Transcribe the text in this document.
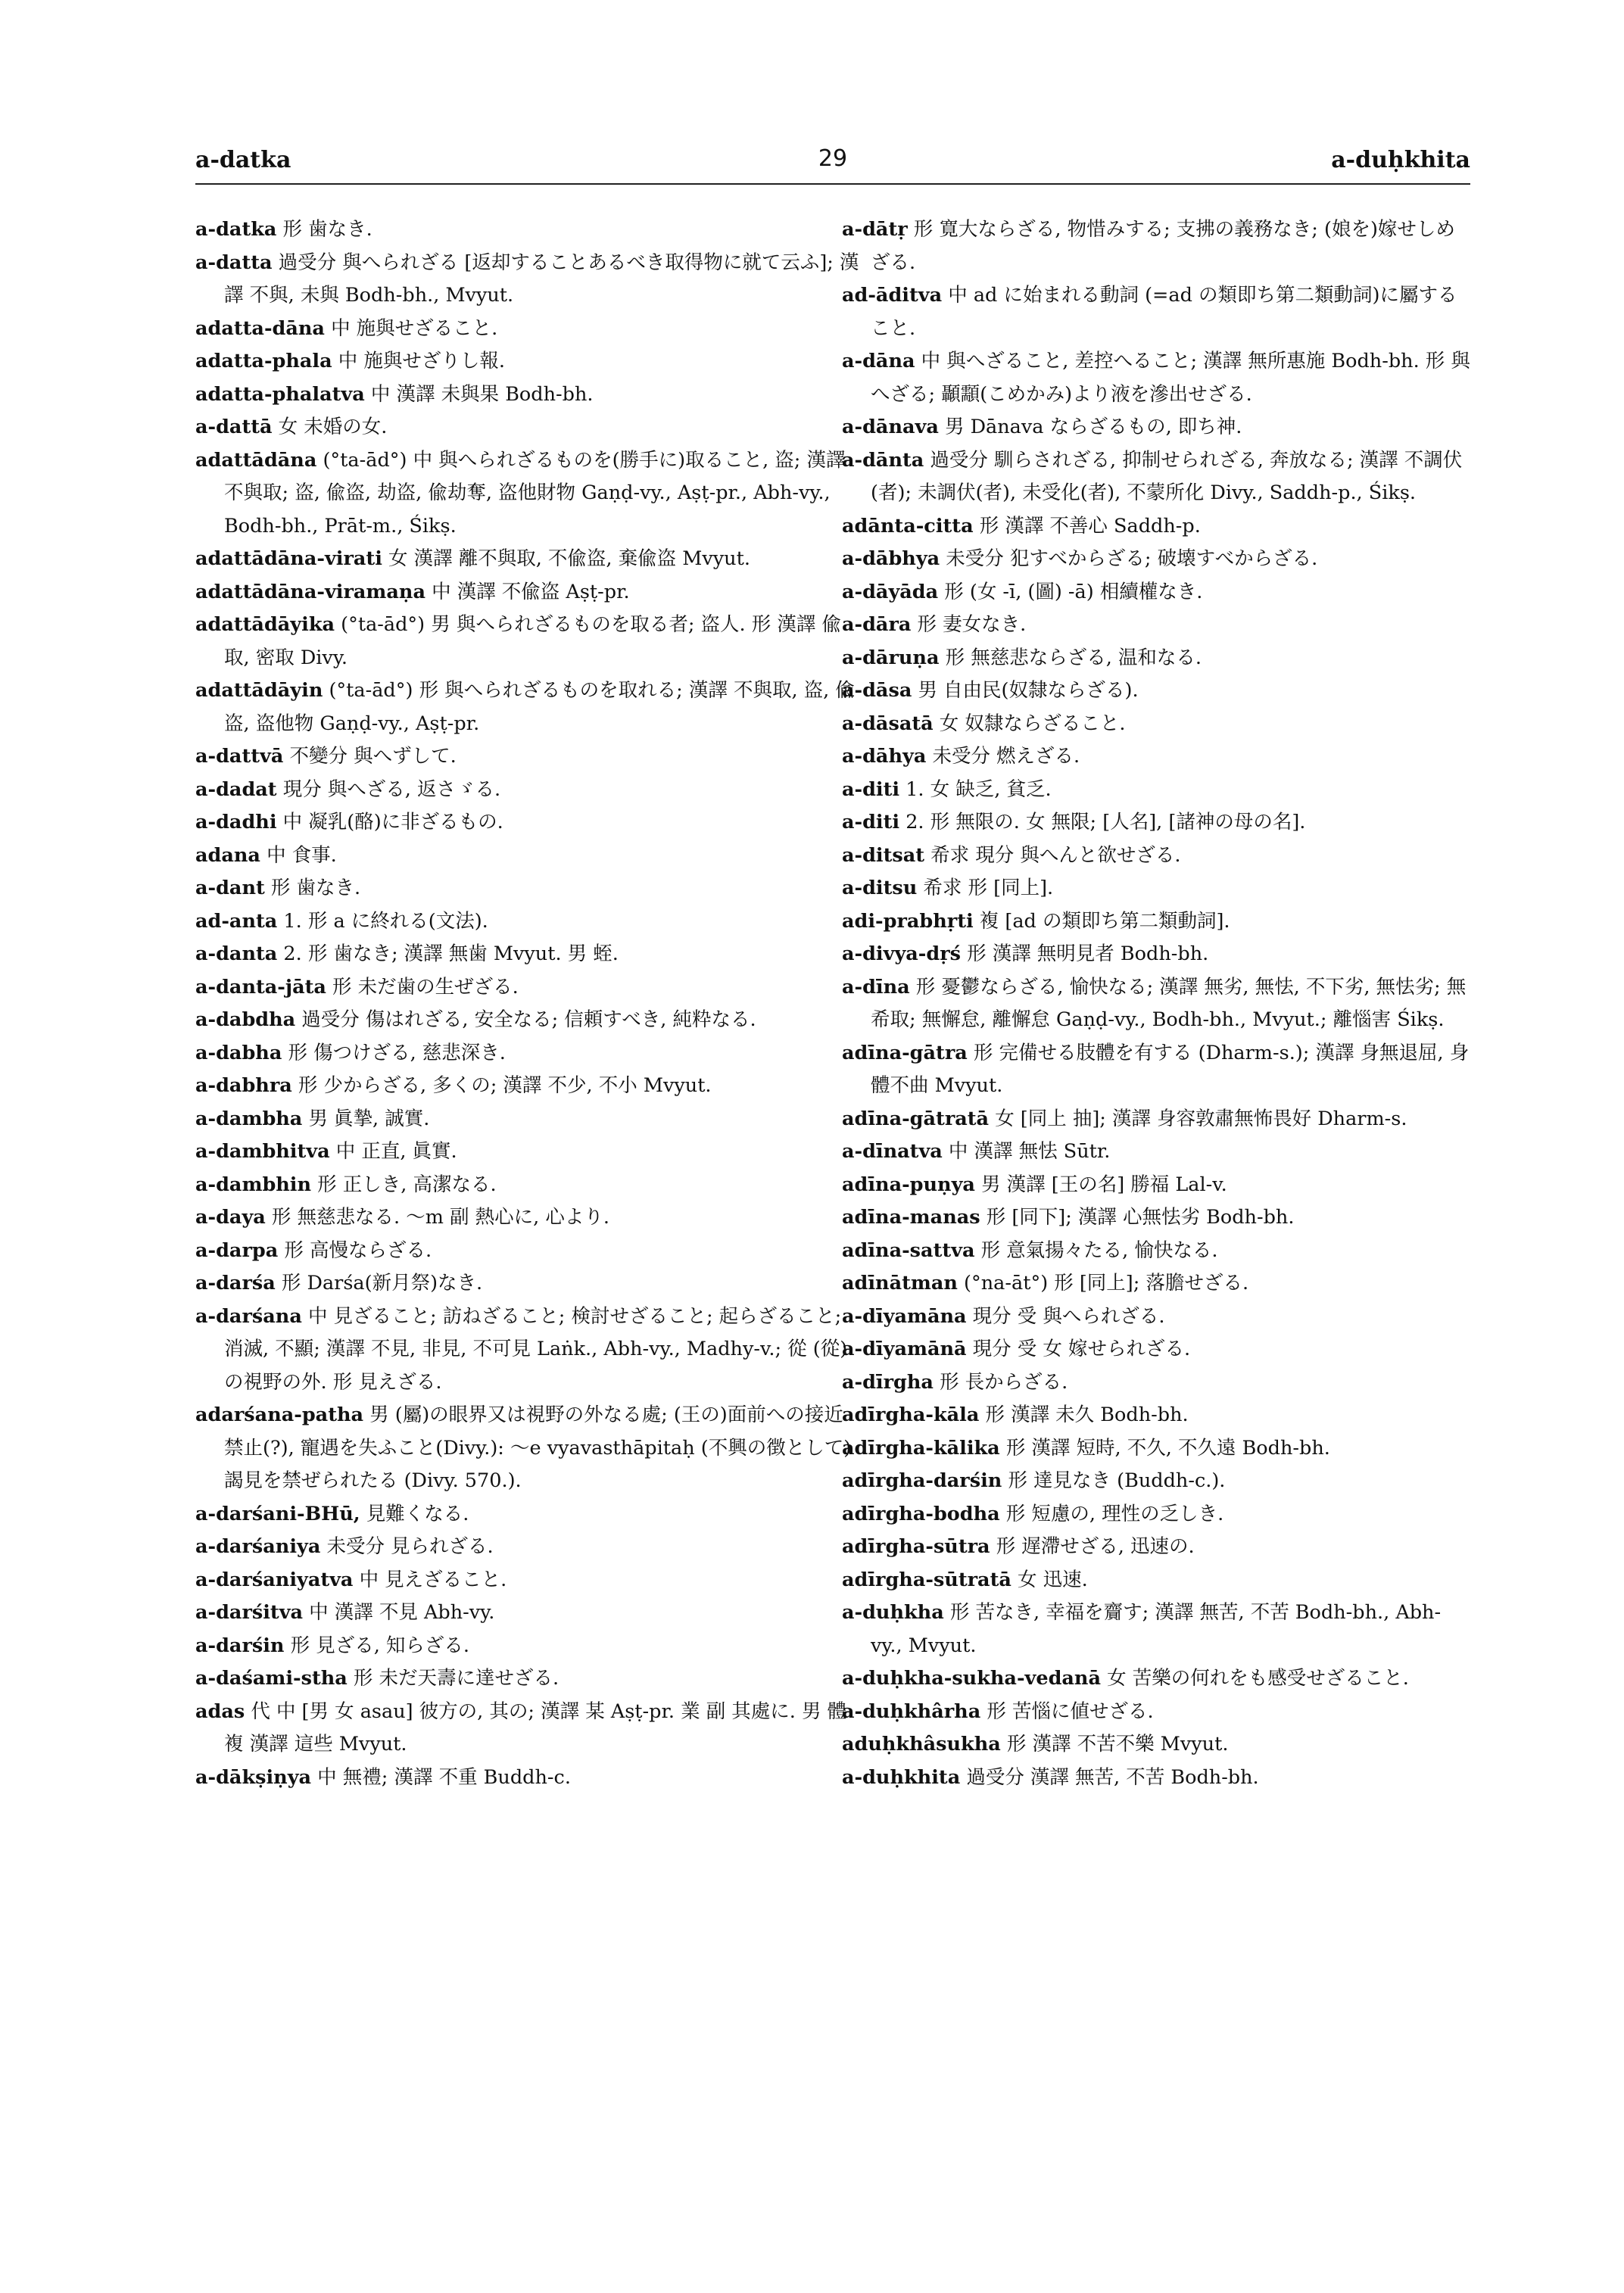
a-datka	29	a-duḥkhita

a-datka 形 歯なき.

a-datta 過受分 與へられざる [返却することあるべき取得物に就て云ふ]; 漢譯 不與, 未與 Bodh-bh., Mvyut.

adatta-dāna 中 施與せざること.

adatta-phala 中 施與せざりし報.

adatta-phalatva 中 漢譯 未與果 Bodh-bh.

a-dattā 女 未婚の女.

adattādāna (°ta-ād°) 中 與へられざるものを(勝手に)取ること, 盗; 漢譯 不與取; 盗, 偸盗, 劫盗, 偸劫奪, 盗他財物 Gaṇḍ-vy., Aṣṭ-pr., Abh-vy., Bodh-bh., Prāt-m., Śikṣ.

adattādāna-virati 女 漢譯 離不與取, 不偸盗, 棄偸盗 Mvyut.

adattādāna-viramaṇa 中 漢譯 不偸盗 Aṣṭ-pr.

adattādāyika (°ta-ād°) 男 與へられざるものを取る者; 盗人. 形 漢譯 偸取, 密取 Divy.

adattādāyin (°ta-ād°) 形 與へられざるものを取れる; 漢譯 不與取, 盗, 偸盗, 盗他物 Gaṇḍ-vy., Aṣṭ-pr.

a-dattvā 不變分 與へずして.

a-dadat 現分 與へざる, 返さゞる.

a-dadhi 中 凝乳(酪)に非ざるもの.

adana 中 食事.

a-dant 形 歯なき.

ad-anta 1. 形 a に終れる(文法).

a-danta 2. 形 歯なき; 漢譯 無歯 Mvyut. 男 蛭.

a-danta-jāta 形 未だ歯の生ぜざる.

a-dabdha 過受分 傷はれざる, 安全なる; 信頼すべき, 純粋なる.

a-dabha 形 傷つけざる, 慈悲深き.

a-dabhra 形 少からざる, 多くの; 漢譯 不少, 不小 Mvyut.

a-dambha 男 眞摯, 誠實.

a-dambhitva 中 正直, 眞實.

a-dambhin 形 正しき, 高潔なる.

a-daya 形 無慈悲なる. ～m 副 熱心に, 心より.

a-darpa 形 高慢ならざる.

a-darśa 形 Darśa(新月祭)なき.

a-darśana 中 見ざること; 訪ねざること; 検討せざること; 起らざること; 消滅, 不顯; 漢譯 不見, 非見, 不可見 Laṅk., Abh-vy., Madhy-v.; 從 (從)の視野の外. 形 見えざる.

adarśana-patha 男 (屬)の眼界又は視野の外なる處; (王の)面前への接近禁止(?), 寵遇を失ふこと(Divy.): ～e vyavasthāpitaḥ (不興の徴として)謁見を禁ぜられたる (Divy. 570.).

a-darśani-BHū, 見難くなる.

a-darśaniya 未受分 見られざる.

a-darśaniyatva 中 見えざること.

a-darśitva 中 漢譯 不見 Abh-vy.

a-darśin 形 見ざる, 知らざる.

a-daśami-stha 形 未だ天壽に達せざる.

adas 代 中 [男 女 asau] 彼方の, 其の; 漢譯 某 Aṣṭ-pr. 業 副 其處に. 男 體 複 漢譯 這些 Mvyut.

a-dākṣiṇya 中 無禮; 漢譯 不重 Buddh-c.

a-dātṛ 形 寛大ならざる, 物惜みする; 支拂の義務なき; (娘を)嫁せしめざる.

ad-āditva 中 ad に始まれる動詞 (=ad の類即ち第二類動詞)に屬すること.

a-dāna 中 與へざること, 差控へること; 漢譯 無所惠施 Bodh-bh. 形 與へざる; 顳顬(こめかみ)より液を滲出せざる.

a-dānava 男 Dānava ならざるもの, 即ち神.

a-dānta 過受分 馴らされざる, 抑制せられざる, 奔放なる; 漢譯 不調伏(者); 未調伏(者), 未受化(者), 不蒙所化 Divy., Saddh-p., Śikṣ.

adānta-citta 形 漢譯 不善心 Saddh-p.

a-dābhya 未受分 犯すべからざる; 破壊すべからざる.

a-dāyāda 形 (女 -ī, (圖) -ā) 相續權なき.

a-dāra 形 妻女なき.

a-dāruṇa 形 無慈悲ならざる, 温和なる.

a-dāsa 男 自由民(奴隸ならざる).

a-dāsatā 女 奴隸ならざること.

a-dāhya 未受分 燃えざる.

a-diti 1. 女 缺乏, 貧乏.

a-diti 2. 形 無限の. 女 無限; [人名], [諸神の母の名].

a-ditsat 希求 現分 與へんと欲せざる.

a-ditsu 希求 形 [同上].

adi-prabhṛti 複 [ad の類即ち第二類動詞].

a-divya-dṛś 形 漢譯 無明見者 Bodh-bh.

a-dīna 形 憂鬱ならざる, 愉快なる; 漢譯 無劣, 無怯, 不下劣, 無怯劣; 無希取; 無懈怠, 離懈怠 Gaṇḍ-vy., Bodh-bh., Mvyut.; 離惱害 Śikṣ.

adīna-gātra 形 完備せる肢體を有する (Dharm-s.); 漢譯 身無退屈, 身體不曲 Mvyut.

adīna-gātratā 女 [同上 抽]; 漢譯 身容敦肅無怖畏好 Dharm-s.

a-dīnatva 中 漢譯 無怯 Sūtr.

adīna-puṇya 男 漢譯 [王の名] 勝福 Lal-v.

adīna-manas 形 [同下]; 漢譯 心無怯劣 Bodh-bh.

adīna-sattva 形 意氣揚々たる, 愉快なる.

adīnātman (°na-āt°) 形 [同上]; 落膽せざる.

a-dīyamāna 現分 受 與へられざる.

a-dīyamānā 現分 受 女 嫁せられざる.

a-dīrgha 形 長からざる.

adīrgha-kāla 形 漢譯 未久 Bodh-bh.

adīrgha-kālika 形 漢譯 短時, 不久, 不久遠 Bodh-bh.

adīrgha-darśin 形 達見なき (Buddh-c.).

adīrgha-bodha 形 短慮の, 理性の乏しき.

adīrgha-sūtra 形 遅滯せざる, 迅速の.

adīrgha-sūtratā 女 迅速.

a-duḥkha 形 苦なき, 幸福を齎す; 漢譯 無苦, 不苦 Bodh-bh., Abh-vy., Mvyut.

a-duḥkha-sukha-vedanā 女 苦樂の何れをも感受せざること.

a-duḥkhârha 形 苦惱に値せざる.

aduḥkhâsukha 形 漢譯 不苦不樂 Mvyut.

a-duḥkhita 過受分 漢譯 無苦, 不苦 Bodh-bh.
